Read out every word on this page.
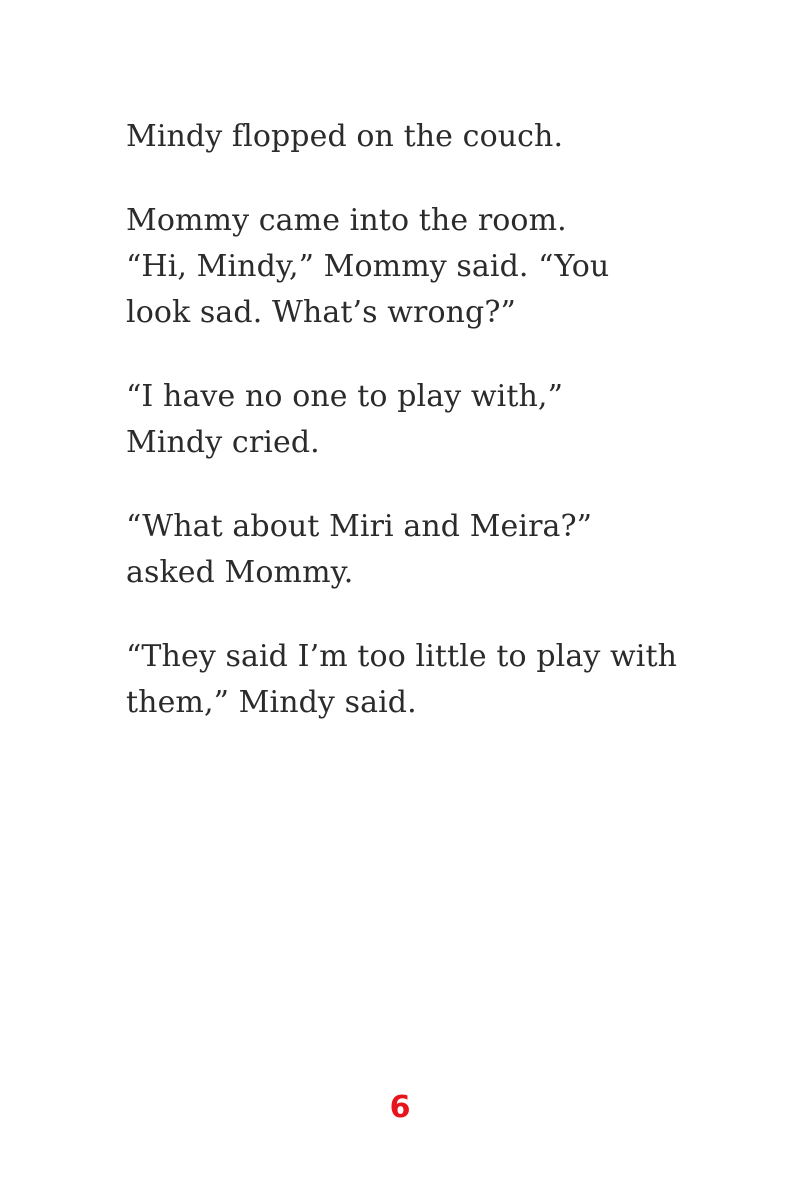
Mindy flopped on the couch.

Mommy came into the room.
“Hi, Mindy,” Mommy said. “You
look sad. What’s wrong?”

“I have no one to play with,”
Mindy cried.

“What about Miri and Meira?”
asked Mommy.

“They said I’m too little to play with
them,” Mindy said.

6
